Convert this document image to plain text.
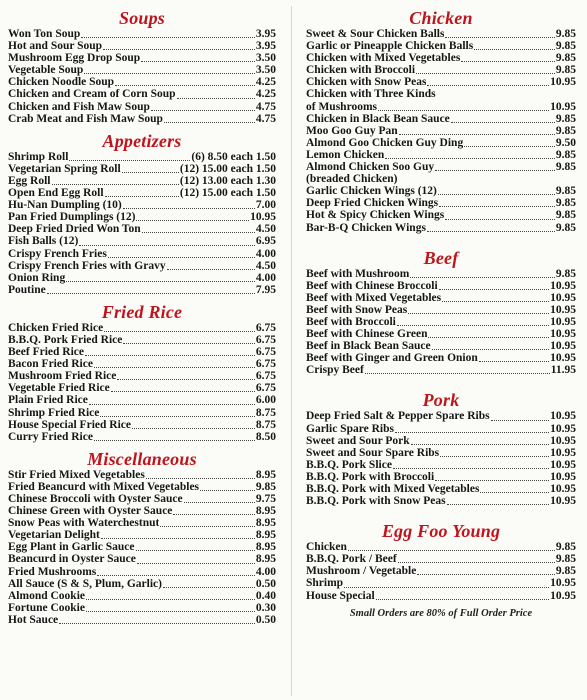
Soups
Won Ton Soup	3.95
Hot and Sour Soup	3.95
Mushroom Egg Drop Soup	3.50
Vegetable Soup	3.50
Chicken Noodle Soup	4.25
Chicken and Cream of Corn Soup	4.25
Chicken and Fish Maw Soup	4.75
Crab Meat and Fish Maw Soup	4.75
Appetizers
Shrimp Roll	(6) 8.50 each 1.50
Vegetarian Spring Roll	(12) 15.00 each 1.50
Egg Roll	(12) 13.00 each 1.30
Open End Egg Roll	(12) 15.00 each 1.50
Hu-Nan Dumpling (10)	7.00
Pan Fried Dumplings (12)	10.95
Deep Fried Dried Won Ton	4.50
Fish Balls (12)	6.95
Crispy French Fries	4.00
Crispy French Fries with Gravy	4.50
Onion Ring	4.00
Poutine	7.95
Fried Rice
Chicken Fried Rice	6.75
B.B.Q. Pork Fried Rice	6.75
Beef Fried Rice	6.75
Bacon Fried Rice	6.75
Mushroom Fried Rice	6.75
Vegetable Fried Rice	6.75
Plain Fried Rice	6.00
Shrimp Fried Rice	8.75
House Special Fried Rice	8.75
Curry Fried Rice	8.50
Miscellaneous
Stir Fried Mixed Vegetables	8.95
Fried Beancurd with Mixed Vegetables	9.85
Chinese Broccoli with Oyster Sauce	9.75
Chinese Green with Oyster Sauce	8.95
Snow Peas with Waterchestnut	8.95
Vegetarian Delight	8.95
Egg Plant in Garlic Sauce	8.95
Beancurd in Oyster Sauce	8.95
Fried Mushrooms	4.00
All Sauce (S & S, Plum, Garlic)	0.50
Almond Cookie	0.40
Fortune Cookie	0.30
Hot Sauce	0.50
Chicken
Sweet & Sour Chicken Balls	9.85
Garlic or Pineapple Chicken Balls	9.85
Chicken with Mixed Vegetables	9.85
Chicken with Broccoli	9.85
Chicken with Snow Peas	10.95
Chicken with Three Kinds
of Mushrooms	10.95
Chicken in Black Bean Sauce	9.85
Moo Goo Guy Pan	9.85
Almond Goo Chicken Guy Ding	9.50
Lemon Chicken	9.85
Almond Chicken Soo Guy	9.85
(breaded Chicken)
Garlic Chicken Wings (12)	9.85
Deep Fried Chicken Wings	9.85
Hot & Spicy Chicken Wings	9.85
Bar-B-Q Chicken Wings	9.85
Beef
Beef with Mushroom	9.85
Beef with Chinese Broccoli	10.95
Beef with Mixed Vegetables	10.95
Beef with Snow Peas	10.95
Beef with Broccoli	10.95
Beef with Chinese Green	10.95
Beef in Black Bean Sauce	10.95
Beef with Ginger and Green Onion	10.95
Crispy Beef	11.95
Pork
Deep Fried Salt & Pepper Spare Ribs	10.95
Garlic Spare Ribs	10.95
Sweet and Sour Pork	10.95
Sweet and Sour Spare Ribs	10.95
B.B.Q. Pork Slice	10.95
B.B.Q. Pork with Broccoli	10.95
B.B.Q. Pork with Mixed Vegetables	10.95
B.B.Q. Pork with Snow Peas	10.95
Egg Foo Young
Chicken	9.85
B.B.Q. Pork / Beef	9.85
Mushroom / Vegetable	9.85
Shrimp	10.95
House Special	10.95
Small Orders are 80% of Full Order Price
